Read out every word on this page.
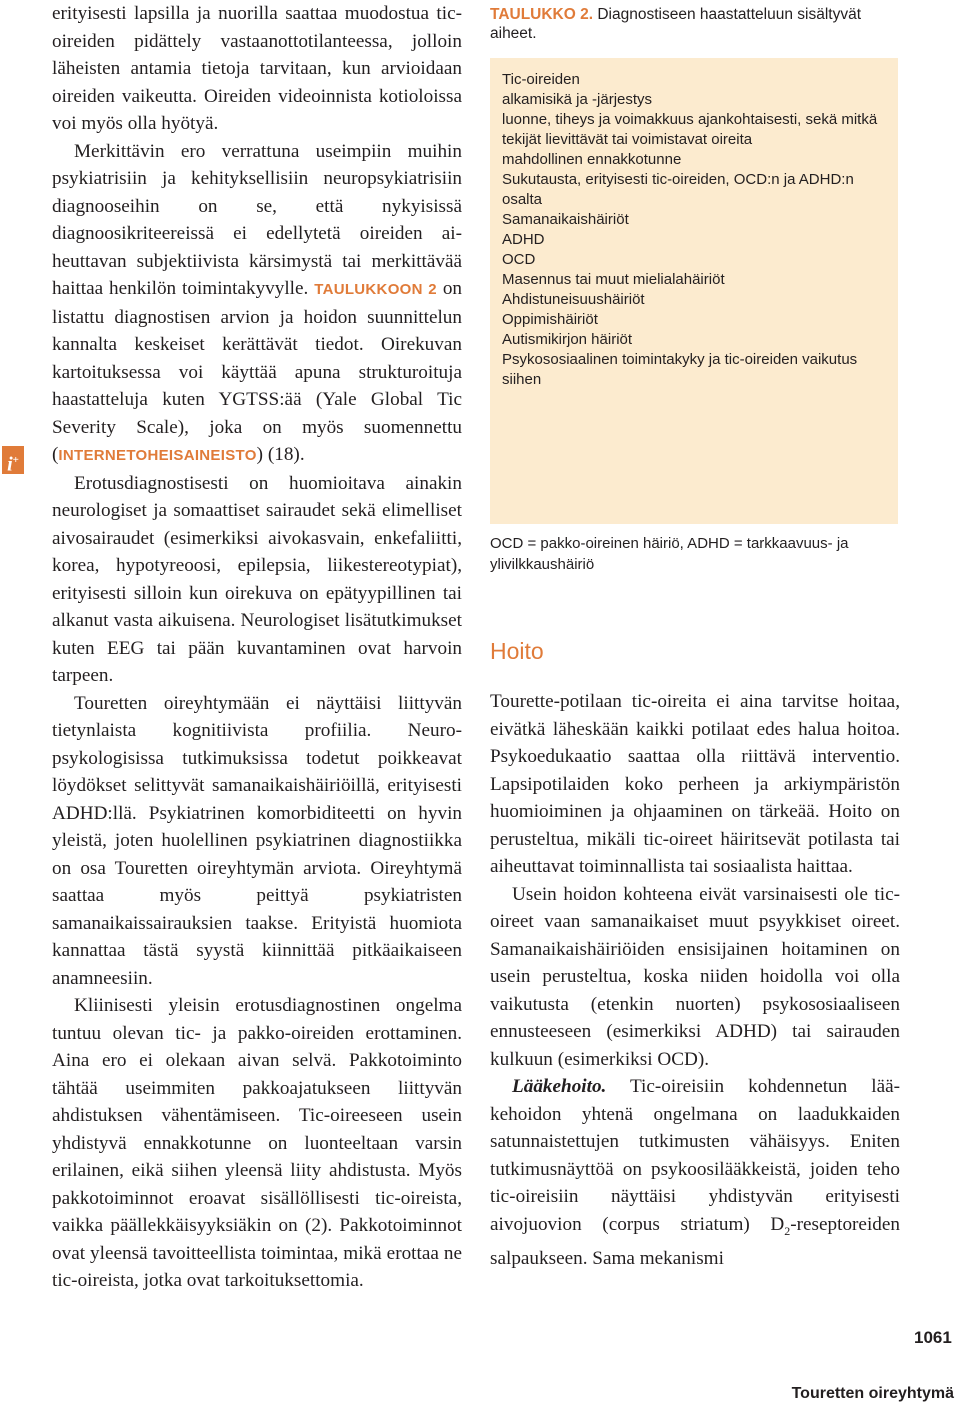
i+

erityisesti lapsilla ja nuorilla saattaa muodostua tic-oireiden pidättely vastaanottotilanteessa, jolloin läheisten antamia tietoja tarvitaan, kun arvioidaan oireiden vaikeutta. Oireiden videoinnista kotioloissa voi myös olla hyötyä.

Merkittävin ero verrattuna useimpiin muihin psykiatrisiin ja kehityksellisiin neuropsykiatrisiin diagnooseihin on se, että nykyisissä diagnoosikriteereissä ei edellytetä oireiden aiheuttavan subjektiivista kärsimystä tai merkittävää haittaa henkilön toimintakyvylle. TAULUKKOON 2 on listattu diagnostisen arvion ja hoidon suunnittelun kannalta keskeiset kerättävät tiedot. Oirekuvan kartoituksessa voi käyttää apuna strukturoituja haastatteluja kuten YGTSS:ää (Yale Global Tic Severity Scale), joka on myös suomennettu (INTERNETOHEISAINEISTO) (18).

Erotusdiagnostisesti on huomioitava ainakin neurologiset ja somaattiset sairaudet sekä elimelliset aivosairaudet (esimerkiksi aivokasvain, enkefaliitti, korea, hypotyreoosi, epilepsia, liikestereotypiat), erityisesti silloin kun oirekuva on epätyypillinen tai alkanut vasta aikuisena. Neurologiset lisätutkimukset kuten EEG tai pään kuvantaminen ovat harvoin tarpeen.

Touretten oireyhtymään ei näyttäisi liittyvän tietynlaista kognitiivista profiilia. Neuropsykologisissa tutkimuksissa todetut poikkeavat löydökset selittyvät samanaikaishäiriöillä, erityisesti ADHD:llä. Psykiatrinen komorbiditeetti on hyvin yleistä, joten huolellinen psykiatrinen diagnostiikka on osa Touretten oireyhtymän arviota. Oireyhtymä saattaa myös peittyä psykiatristen samanaikaissairauksien taakse. Erityistä huomiota kannattaa tästä syystä kiinnittää pitkäaikaiseen anamneesiin.

Kliinisesti yleisin erotusdiagnostinen ongelma tuntuu olevan tic- ja pakko-oireiden erottaminen. Aina ero ei olekaan aivan selvä. Pakkotoiminto tähtää useimmiten pakkoajatukseen liittyvän ahdistuksen vähentämiseen. Tic-oireeseen usein yhdistyvä ennakkotunne on luonteeltaan varsin erilainen, eikä siihen yleensä liity ahdistusta. Myös pakkotoiminnot eroavat sisällöllisesti tic-oireista, vaikka päällekkäisyyksiäkin on (2). Pakkotoiminnot ovat yleensä tavoitteellista toimintaa, mikä erottaa ne tic-oireista, jotka ovat tarkoituksettomia.

TAULUKKO 2. Diagnostiseen haastatteluun sisältyvät aiheet.

Tic-oireiden

alkamisikä ja -järjestys

luonne, tiheys ja voimakkuus ajankohtaisesti, sekä mitkä tekijät lievittävät tai voimistavat oireita

mahdollinen ennakkotunne

Sukutausta, erityisesti tic-oireiden, OCD:n ja ADHD:n osalta

Samanaikaishäiriöt

ADHD

OCD

Masennus tai muut mielialahäiriöt

Ahdistuneisuushäiriöt

Oppimishäiriöt

Autismikirjon häiriöt

Psykososiaalinen toimintakyky ja tic-oireiden vaikutus siihen

OCD = pakko-oireinen häiriö, ADHD = tarkkaavuus- ja ylivilkkaushäiriö
Hoito

Tourette-potilaan tic-oireita ei aina tarvitse hoitaa, eivätkä läheskään kaikki potilaat edes halua hoitoa. Psykoedukaatio saattaa olla riittävä interventio. Lapsipotilaiden koko perheen ja arkiympäristön huomioiminen ja ohjaaminen on tärkeää. Hoito on perusteltua, mikäli tic-oireet häiritsevät potilasta tai aiheuttavat toiminnallista tai sosiaalista haittaa.

Usein hoidon kohteena eivät varsinaisesti ole tic-oireet vaan samanaikaiset muut psyykkiset oireet. Samanaikaishäiriöiden ensisijainen hoitaminen on usein perusteltua, koska niiden hoidolla voi olla vaikutusta (etenkin nuorten) psykososiaaliseen ennusteeseen (esimerkiksi ADHD) tai sairauden kulkuun (esimerkiksi OCD).

Lääkehoito. Tic-oireisiin kohdennetun lääkehoidon yhtenä ongelmana on laadukkaiden satunnaistettujen tutkimusten vähäisyys. Eniten tutkimusnäyttöä on psykoosilääkkeistä, joiden teho tic-oireisiin näyttäisi yhdistyvän erityisesti aivojuovion (corpus striatum) $D_2$-reseptoreiden salpaukseen. Sama mekanismi

1061
Touretten oireyhtymä
